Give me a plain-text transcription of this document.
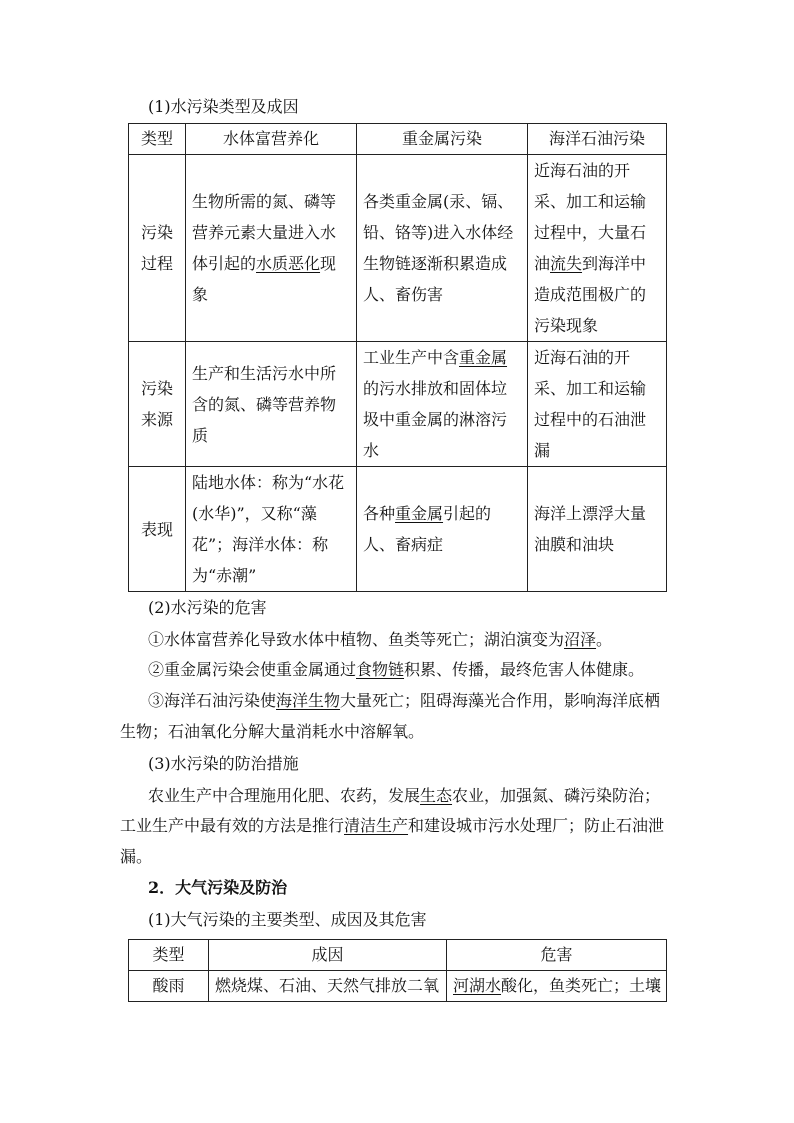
(1)水污染类型及成因
类型	水体富营养化	重金属污染	海洋石油污染
污染过程	生物所需的氮、磷等营养元素大量进入水体引起的水质恶化现象	各类重金属(汞、镉、铅、铬等)进入水体经生物链逐渐积累造成人、畜伤害	近海石油的开采、加工和运输过程中，大量石油流失到海洋中造成范围极广的污染现象
污染来源	生产和生活污水中所含的氮、磷等营养物质	工业生产中含重金属的污水排放和固体垃圾中重金属的淋溶污水	近海石油的开采、加工和运输过程中的石油泄漏
表现	陆地水体：称为“水花(水华)”，又称“藻花”；海洋水体：称为“赤潮”	各种重金属引起的人、畜病症	海洋上漂浮大量油膜和油块
(2)水污染的危害
①水体富营养化导致水体中植物、鱼类等死亡；湖泊演变为沼泽。
②重金属污染会使重金属通过食物链积累、传播，最终危害人体健康。
③海洋石油污染使海洋生物大量死亡；阻碍海藻光合作用，影响海洋底栖
生物；石油氧化分解大量消耗水中溶解氧。
(3)水污染的防治措施
农业生产中合理施用化肥、农药，发展生态农业，加强氮、磷污染防治；
工业生产中最有效的方法是推行清洁生产和建设城市污水处理厂；防止石油泄
漏。
2．大气污染及防治
(1)大气污染的主要类型、成因及其危害
类型	成因	危害
酸雨	燃烧煤、石油、天然气排放二氧	河湖水酸化，鱼类死亡；土壤
